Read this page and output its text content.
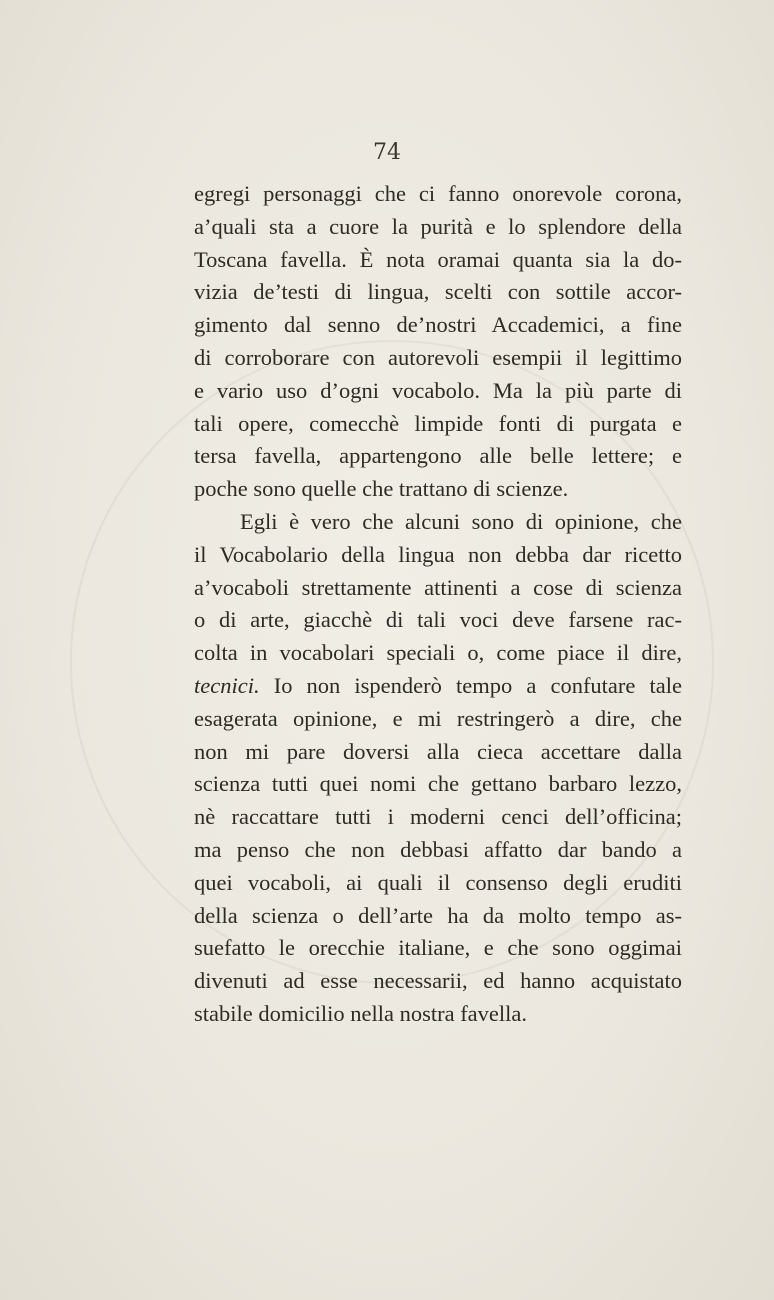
74

egregi personaggi che ci fanno onorevole corona,
a’quali sta a cuore la purità e lo splendore della
Toscana favella. È nota oramai quanta sia la do-
vizia de’testi di lingua, scelti con sottile accor-
gimento dal senno de’nostri Accademici, a fine
di corroborare con autorevoli esempii il legittimo
e vario uso d’ogni vocabolo. Ma la più parte di
tali opere, comecchè limpide fonti di purgata e
tersa favella, appartengono alle belle lettere; e
poche sono quelle che trattano di scienze.

Egli è vero che alcuni sono di opinione, che
il Vocabolario della lingua non debba dar ricetto
a’vocaboli strettamente attinenti a cose di scienza
o di arte, giacchè di tali voci deve farsene rac-
colta in vocabolari speciali o, come piace il dire,
tecnici. Io non ispenderò tempo a confutare tale
esagerata opinione, e mi restringerò a dire, che
non mi pare doversi alla cieca accettare dalla
scienza tutti quei nomi che gettano barbaro lezzo,
nè raccattare tutti i moderni cenci dell’officina;
ma penso che non debbasi affatto dar bando a
quei vocaboli, ai quali il consenso degli eruditi
della scienza o dell’arte ha da molto tempo as-
suefatto le orecchie italiane, e che sono oggimai
divenuti ad esse necessarii, ed hanno acquistato
stabile domicilio nella nostra favella.
